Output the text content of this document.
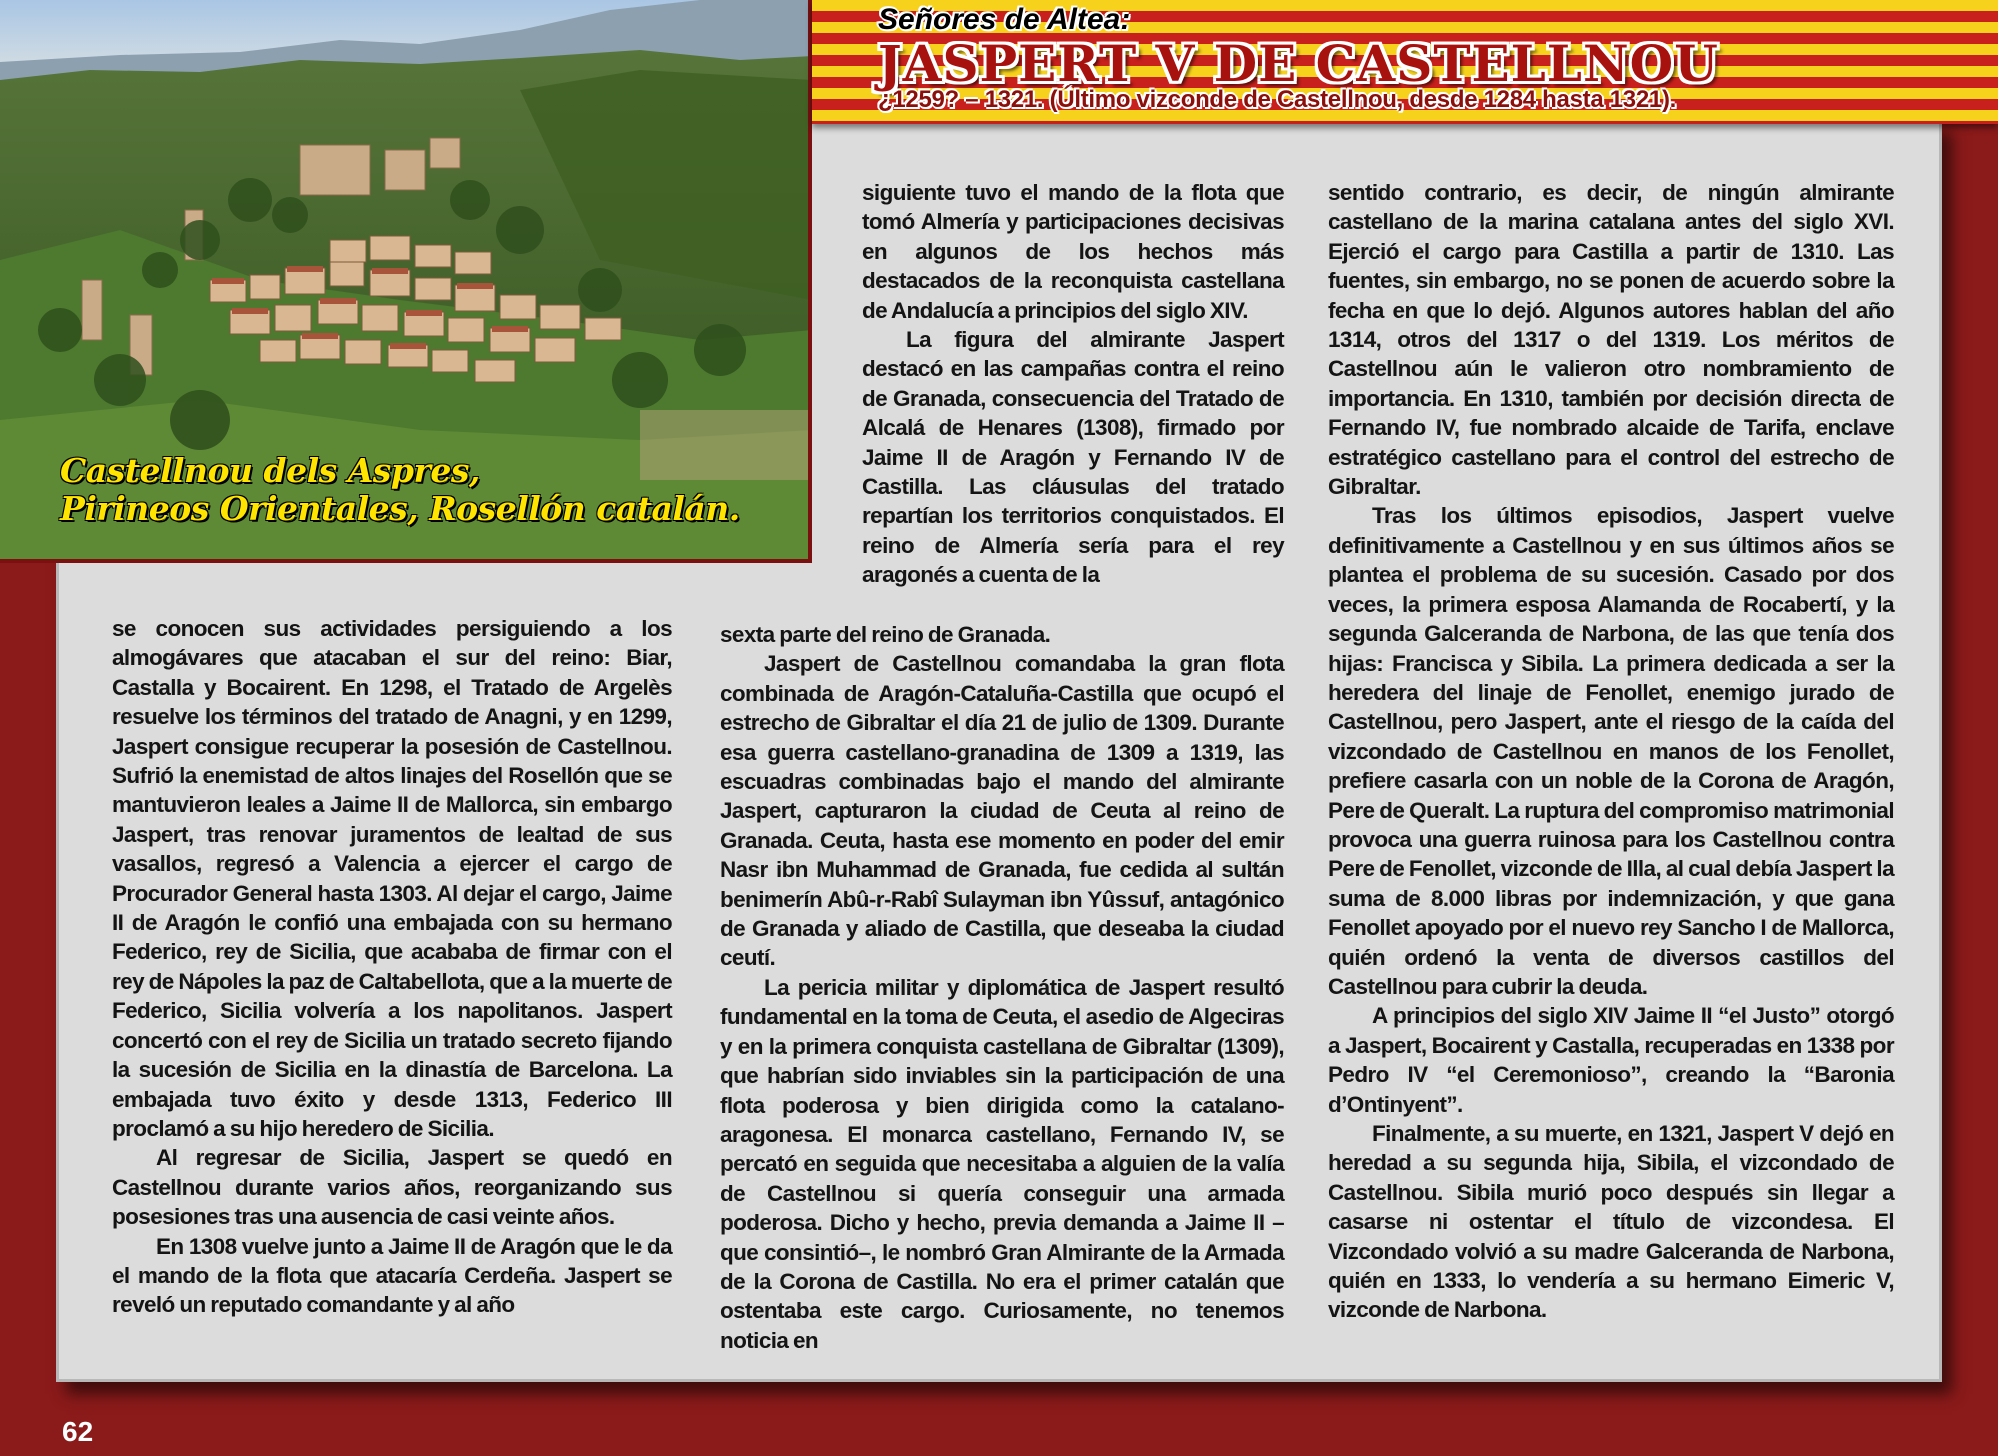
Castellnou dels Aspres,
Pirineos Orientales, Rosellón catalán.
Señores de Altea:
JASPERT V DE CASTELLNOU
¿1259? – 1321. (Último vizconde de Castellnou, desde 1284 hasta 1321).

se conocen sus actividades persiguiendo a los almogávares que atacaban el sur del reino: Biar, Castalla y Bocairent. En 1298, el Tratado de Argelès resuelve los términos del tratado de Anagni, y en 1299, Jaspert consigue recuperar la posesión de Castellnou. Sufrió la enemistad de altos linajes del Rosellón que se mantuvieron leales a Jaime II de Mallorca, sin embargo Jaspert, tras renovar juramentos de lealtad de sus vasallos, regresó a Valencia a ejercer el cargo de Procurador General hasta 1303. Al dejar el cargo, Jaime II de Aragón le confió una embajada con su hermano Federico, rey de Sicilia, que acababa de firmar con el rey de Nápoles la paz de Caltabellota, que a la muerte de Federico, Sicilia volvería a los napolitanos. Jaspert concertó con el rey de Sicilia un tratado secreto fijando la sucesión de Sicilia en la dinastía de Barcelona. La embajada tuvo éxito y desde 1313, Federico III proclamó a su hijo heredero de Sicilia.

Al regresar de Sicilia, Jaspert se quedó en Castellnou durante varios años, reorganizando sus posesiones tras una ausencia de casi veinte años.

En 1308 vuelve junto a Jaime II de Aragón que le da el mando de la flota que atacaría Cerdeña. Jaspert se reveló un reputado comandante y al año

siguiente tuvo el mando de la flota que tomó Almería y participaciones decisivas en algunos de los hechos más destacados de la reconquista castellana de Andalucía a principios del siglo XIV.

La figura del almirante Jaspert destacó en las campañas contra el reino de Granada, consecuencia del Tratado de Alcalá de Henares (1308), firmado por Jaime II de Aragón y Fernando IV de Castilla. Las cláusulas del tratado repartían los territorios conquistados. El reino de Almería sería para el rey aragonés a cuenta de la

sexta parte del reino de Granada.

Jaspert de Castellnou comandaba la gran flota combinada de Aragón-Cataluña-Castilla que ocupó el estrecho de Gibraltar el día 21 de julio de 1309. Durante esa guerra castellano-granadina de 1309 a 1319, las escuadras combinadas bajo el mando del almirante Jaspert, capturaron la ciudad de Ceuta al reino de Granada. Ceuta, hasta ese momento en poder del emir Nasr ibn Muhammad de Granada, fue cedida al sultán benimerín Abû-r-Rabî Sulayman ibn Yûssuf, antagónico de Granada y aliado de Castilla, que deseaba la ciudad ceutí.

La pericia militar y diplomática de Jaspert resultó fundamental en la toma de Ceuta, el asedio de Algeciras y en la primera conquista castellana de Gibraltar (1309), que habrían sido inviables sin la participación de una flota poderosa y bien dirigida como la catalano-aragonesa. El monarca castellano, Fernando IV, se percató en seguida que necesitaba a alguien de la valía de Castellnou si quería conseguir una armada poderosa. Dicho y hecho, previa demanda a Jaime II –que consintió–, le nombró Gran Almirante de la Armada de la Corona de Castilla. No era el primer catalán que ostentaba este cargo. Curiosamente, no tenemos noticia en

sentido contrario, es decir, de ningún almirante castellano de la marina catalana antes del siglo XVI. Ejerció el cargo para Castilla a partir de 1310. Las fuentes, sin embargo, no se ponen de acuerdo sobre la fecha en que lo dejó. Algunos autores hablan del año 1314, otros del 1317 o del 1319. Los méritos de Castellnou aún le valieron otro nombramiento de importancia. En 1310, también por decisión directa de Fernando IV, fue nombrado alcaide de Tarifa, enclave estratégico castellano para el control del estrecho de Gibraltar.

Tras los últimos episodios, Jaspert vuelve definitivamente a Castellnou y en sus últimos años se plantea el problema de su sucesión. Casado por dos veces, la primera esposa Alamanda de Rocabertí, y la segunda Galceranda de Narbona, de las que tenía dos hijas: Francisca y Sibila. La primera dedicada a ser la heredera del linaje de Fenollet, enemigo jurado de Castellnou, pero Jaspert, ante el riesgo de la caída del vizcondado de Castellnou en manos de los Fenollet, prefiere casarla con un noble de la Corona de Aragón, Pere de Queralt. La ruptura del compromiso matrimonial provoca una guerra ruinosa para los Castellnou contra Pere de Fenollet, vizconde de Illa, al cual debía Jaspert la suma de 8.000 libras por indemnización, y que gana Fenollet apoyado por el nuevo rey Sancho I de Mallorca, quién ordenó la venta de diversos castillos del Castellnou para cubrir la deuda.

A principios del siglo XIV Jaime II “el Justo” otorgó a Jaspert, Bocairent y Castalla, recuperadas en 1338 por Pedro IV “el Ceremonioso”, creando la “Baronia d’Ontinyent”.

Finalmente, a su muerte, en 1321, Jaspert V dejó en heredad a su segunda hija, Sibila, el vizcondado de Castellnou. Sibila murió poco después sin llegar a casarse ni ostentar el título de vizcondesa. El Vizcondado volvió a su madre Galceranda de Narbona, quién en 1333, lo vendería a su hermano Eimeric V, vizconde de Narbona.

62
